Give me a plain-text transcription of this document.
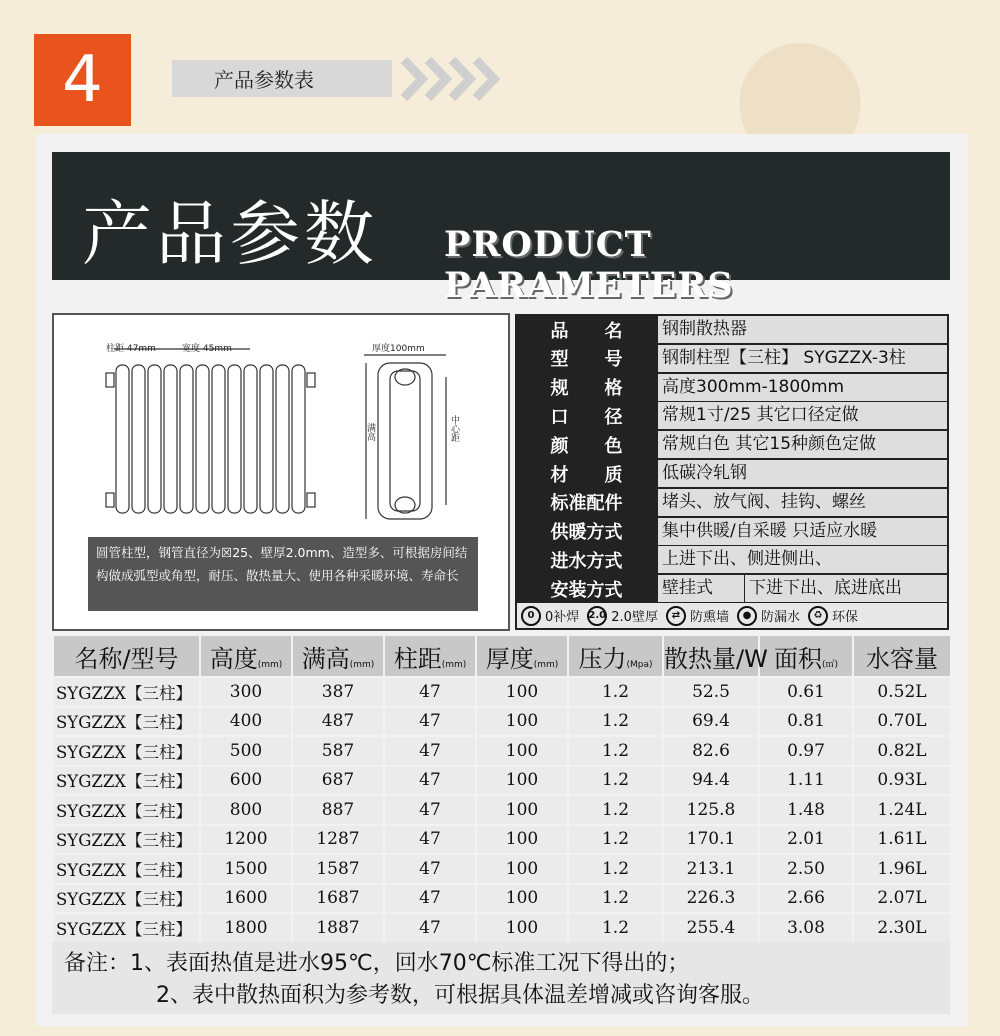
4	产品参数表
产品参数 PRODUCT PARAMETERS
柱距 47mm	宽度 45mm	厚度100mm
满高	中心距
圆管柱型，钢管直径为☒25、壁厚2.0mm、造型多、可根据房间结构做成弧型或角型，耐压、散热量大、使用各种采暖环境、寿命长
品　　名	钢制散热器
型　　号	钢制柱型【三柱】 SYGZZX-3柱
规　　格	高度300mm-1800mm
口　　径	常规1寸/25 其它口径定做
颜　　色	常规白色 其它15种颜色定做
材　　质	低碳冷轧钢
标准配件	堵头、放气阀、挂钩、螺丝
供暖方式	集中供暖/自采暖 只适应水暖
进水方式	上进下出、侧进侧出、
安装方式	壁挂式	下进下出、底进底出
0 0补焊 2.0 2.0壁厚	⇄ 防熏墙	● 防漏水	♻ 环保
名称/型号	高度(mm)	满高(mm)	柱距(mm)	厚度(mm)	压力(Mpa)	散热量/W	面积(㎡)	水容量
SYGZZX【三柱】	300	387	47	100	1.2	52.5	0.61	0.52L
SYGZZX【三柱】	400	487	47	100	1.2	69.4	0.81	0.70L
SYGZZX【三柱】	500	587	47	100	1.2	82.6	0.97	0.82L
SYGZZX【三柱】	600	687	47	100	1.2	94.4	1.11	0.93L
SYGZZX【三柱】	800	887	47	100	1.2	125.8	1.48	1.24L
SYGZZX【三柱】	1200	1287	47	100	1.2	170.1	2.01	1.61L
SYGZZX【三柱】	1500	1587	47	100	1.2	213.1	2.50	1.96L
SYGZZX【三柱】	1600	1687	47	100	1.2	226.3	2.66	2.07L
SYGZZX【三柱】	1800	1887	47	100	1.2	255.4	3.08	2.30L
备注：1、表面热值是进水95℃，回水70℃标准工况下得出的；
2、表中散热面积为参考数，可根据具体温差增减或咨询客服。
